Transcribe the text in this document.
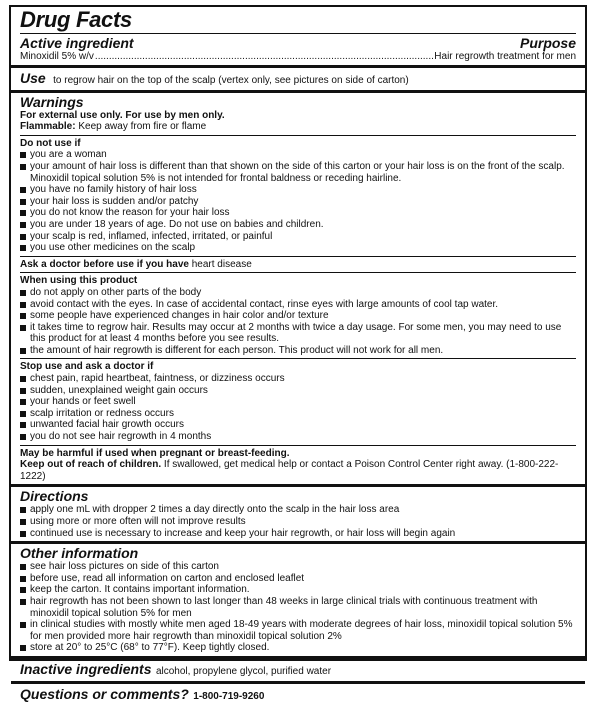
Drug Facts
Active ingredient	Purpose
Minoxidil 5% w/v .....	Hair regrowth treatment for men
Use to regrow hair on the top of the scalp (vertex only, see pictures on side of carton)
Warnings
For external use only. For use by men only.
Flammable: Keep away from fire or flame
Do not use if
you are a woman
your amount of hair loss is different than that shown on the side of this carton or your hair loss is on the front of the scalp. Minoxidil topical solution 5% is not intended for frontal baldness or receding hairline.
you have no family history of hair loss
your hair loss is sudden and/or patchy
you do not know the reason for your hair loss
you are under 18 years of age. Do not use on babies and children.
your scalp is red, inflamed, infected, irritated, or painful
you use other medicines on the scalp
Ask a doctor before use if you have heart disease
When using this product
do not apply on other parts of the body
avoid contact with the eyes. In case of accidental contact, rinse eyes with large amounts of cool tap water.
some people have experienced changes in hair color and/or texture
it takes time to regrow hair. Results may occur at 2 months with twice a day usage. For some men, you may need to use this product for at least 4 months before you see results.
the amount of hair regrowth is different for each person. This product will not work for all men.
Stop use and ask a doctor if
chest pain, rapid heartbeat, faintness, or dizziness occurs
sudden, unexplained weight gain occurs
your hands or feet swell
scalp irritation or redness occurs
unwanted facial hair growth occurs
you do not see hair regrowth in 4 months
May be harmful if used when pregnant or breast-feeding.
Keep out of reach of children. If swallowed, get medical help or contact a Poison Control Center right away. (1-800-222-1222)
Directions
apply one mL with dropper 2 times a day directly onto the scalp in the hair loss area
using more or more often will not improve results
continued use is necessary to increase and keep your hair regrowth, or hair loss will begin again
Other information
see hair loss pictures on side of this carton
before use, read all information on carton and enclosed leaflet
keep the carton. It contains important information.
hair regrowth has not been shown to last longer than 48 weeks in large clinical trials with continuous treatment with minoxidil topical solution 5% for men
in clinical studies with mostly white men aged 18-49 years with moderate degrees of hair loss, minoxidil topical solution 5% for men provided more hair regrowth than minoxidil topical solution 2%
store at 20° to 25°C (68° to 77°F). Keep tightly closed.
Inactive ingredients alcohol, propylene glycol, purified water
Questions or comments? 1-800-719-9260
